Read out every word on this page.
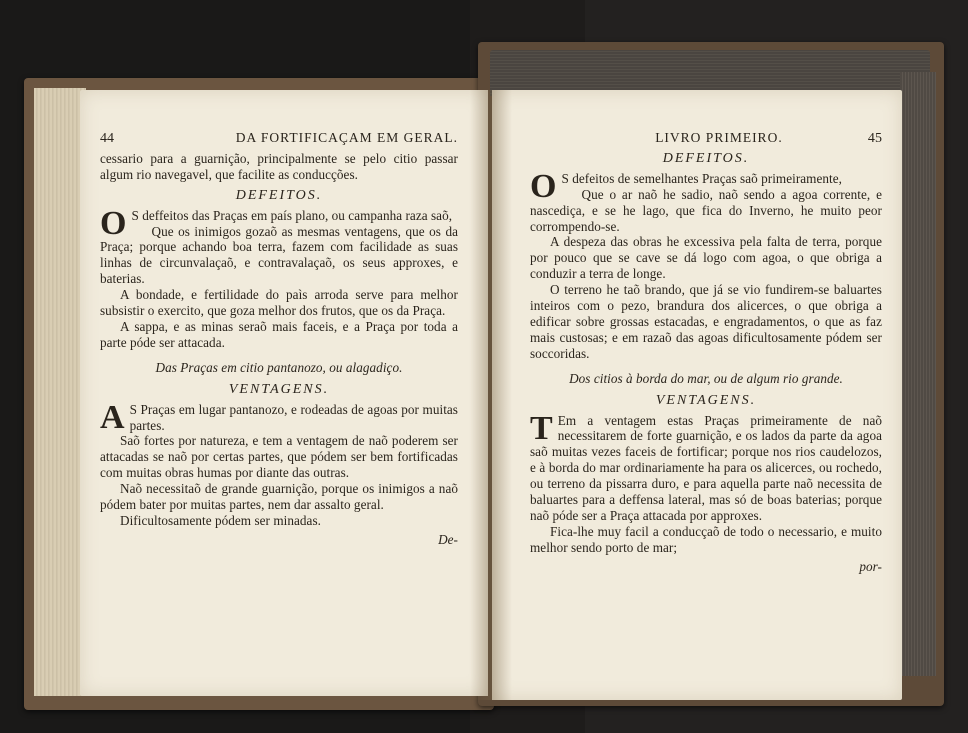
44	DA FORTIFICAÇAM EM GERAL.

cessario para a guarnição, principalmente se pelo citio passar algum rio navegavel, que facilite as conducções.

DEFEITOS.

O S deffeitos das Praças em país plano, ou campanha raza saõ,

Que os inimigos gozaõ as mesmas ventagens, que os da Praça; porque achando boa terra, fazem com facilidade as suas linhas de circunvalaçaõ, e contravalaçaõ, os seus approxes, e baterias.

A bondade, e fertilidade do paìs arroda serve para melhor subsistir o exercito, que goza melhor dos frutos, que os da Praça.

A sappa, e as minas seraõ mais faceis, e a Praça por toda a parte póde ser attacada.

Das Praças em citio pantanozo, ou alagadiço.
VENTAGENS.

A S Praças em lugar pantanozo, e rodeadas de agoas por muitas partes.

Saõ fortes por natureza, e tem a ventagem de naõ poderem ser attacadas se naõ por certas partes, que pódem ser bem fortificadas com muitas obras humas por diante das outras.

Naõ necessitaõ de grande guarnição, porque os inimigos a naõ pódem bater por muitas partes, nem dar assalto geral.

Dificultosamente pódem ser minadas.

De-
LIVRO PRIMEIRO.	45
DEFEITOS.

O S defeitos de semelhantes Praças saõ primeiramente,

Que o ar naõ he sadio, naõ sendo a agoa corrente, e nascediça, e se he lago, que fica do Inverno, he muito peor corrompendo-se.

A despeza das obras he excessiva pela falta de terra, porque por pouco que se cave se dá logo com agoa, o que obriga a conduzir a terra de longe.

O terreno he taõ brando, que já se vio fundirem-se baluartes inteiros com o pezo, brandura dos alicerces, o que obriga a edificar sobre grossas estacadas, e engradamentos, o que as faz mais custosas; e em razaõ das agoas dificultosamente pódem ser soccoridas.

Dos citios à borda do mar, ou de algum rio grande.
VENTAGENS.

T Em a ventagem estas Praças primeiramente de naõ necessitarem de forte guarnição, e os lados da parte da agoa saõ muitas vezes faceis de fortificar; porque nos rios caudelozos, e à borda do mar ordinariamente ha para os alicerces, ou rochedo, ou terreno da pissarra duro, e para aquella parte naõ necessita de baluartes para a deffensa lateral, mas só de boas baterias; porque naõ póde ser a Praça attacada por approxes.

Fica-lhe muy facil a conducçaõ de todo o necessario, e muito melhor sendo porto de mar;

por-
